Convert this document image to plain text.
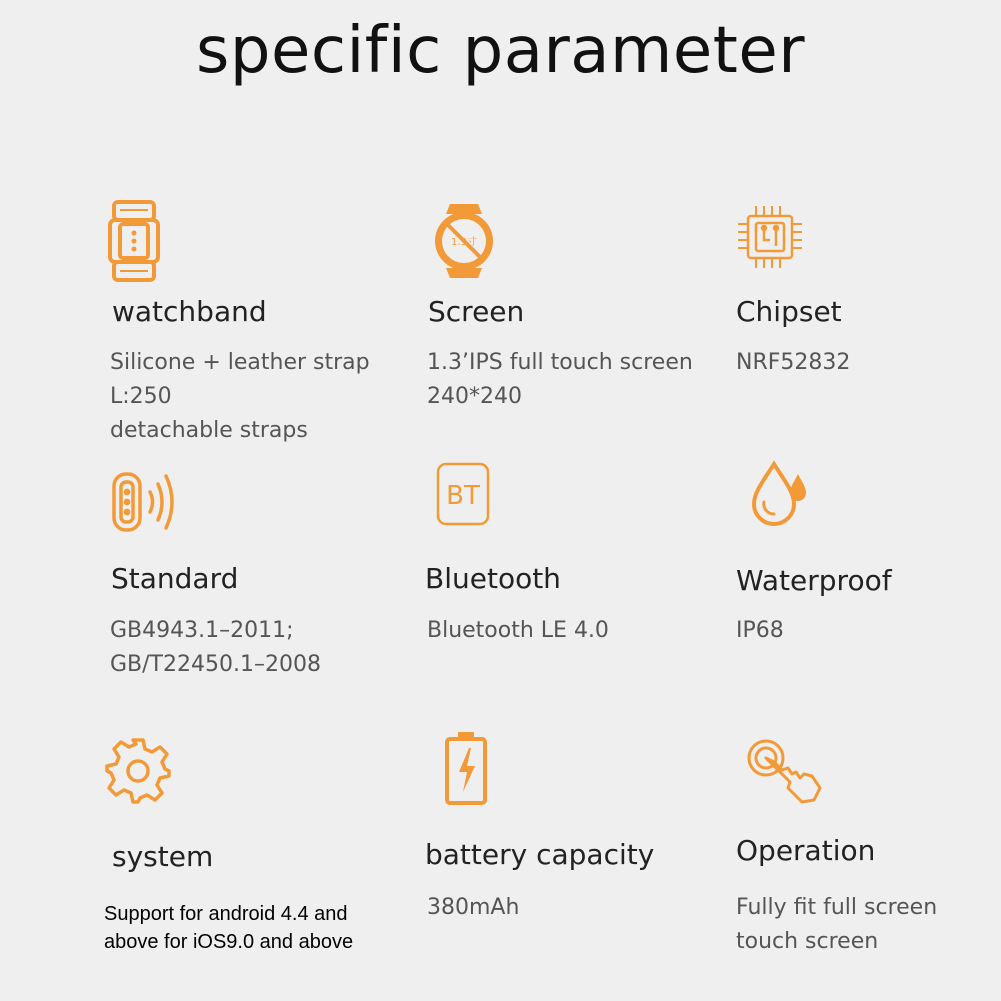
specific parameter
watchband
Silicone + leather strap
L:250
detachable straps
1.3寸
Screen
1.3’IPS full touch screen
240*240
Chipset
NRF52832
Standard
GB4943.1–2011;
GB/T22450.1–2008
BT
Bluetooth
Bluetooth LE 4.0
Waterproof
IP68
system
Support for android 4.4 and above for iOS9.0 and above
battery capacity
380mAh
Operation
Fully fit full screen
touch screen
